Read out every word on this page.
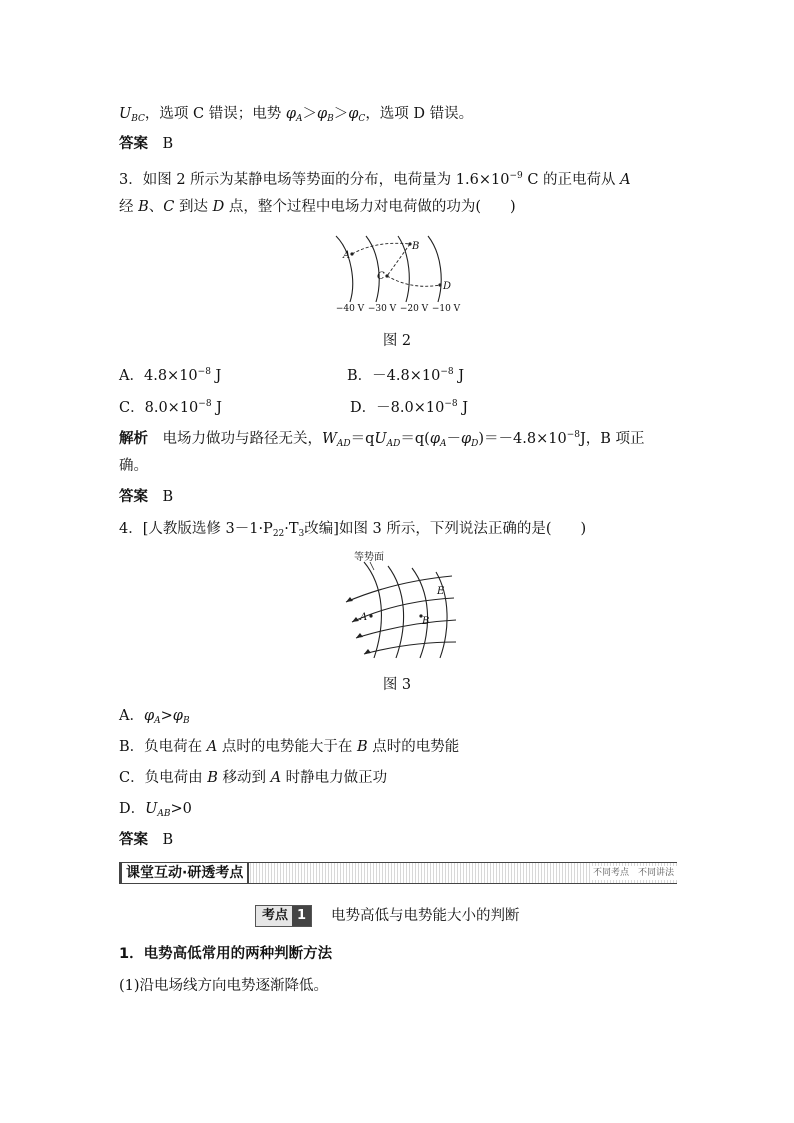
$U_{BC}$，选项 C 错误；电势 $\varphi_A>\varphi_B>\varphi_C$，选项 D 错误。
答案　 B
3．如图 2 所示为某静电场等势面的分布，电荷量为 $1.6\times 10^{-9}$ C 的正电荷从 A
经 B、C 到达 D 点，整个过程中电场力对电荷做的功为(　　)
A
B
C
D
−40 V −30 V −20 V −10 V
图 2
A．$4.8\times 10^{-8}$ J	B．$-4.8\times 10^{-8}$ J
C．$8.0\times 10^{-8}$ J	D．$-8.0\times 10^{-8}$ J
解析　电场力做功与路径无关，$W_{AD}=qU_{AD}=q(\varphi_A-\varphi_D)=-4.8\times 10^{-8}J$，B 项正
确。
答案　 B
4．[人教版选修 $3-1\cdot P_{22}\cdot T_3$改编]如图 3 所示，下列说法正确的是(　　)
等势面
A	B
E
图 3
A．$\varphi_A>\varphi_B$
B．负电荷在 A 点时的电势能大于在 B 点时的电势能
C．负电荷由 B 移动到 A 时静电力做正功
D．$U_{AB}>0$
答案　 B
课堂互动·研透考点	不同考点　不同讲法
考点 1	电势高低与电势能大小的判断
1．电势高低常用的两种判断方法
(1)沿电场线方向电势逐渐降低。
